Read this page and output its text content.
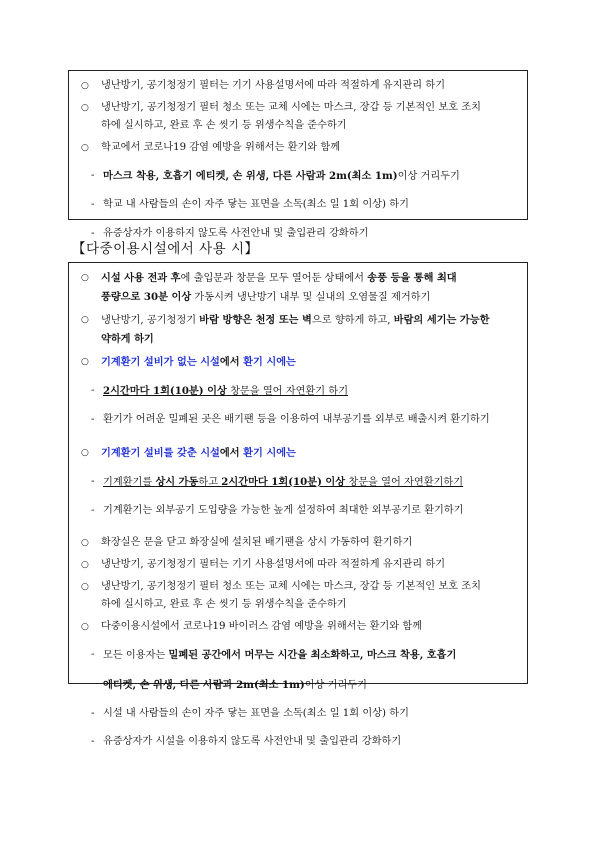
○ 냉난방기, 공기청정기 필터는 기기 사용설명서에 따라 적절하게 유지관리 하기

○ 냉난방기, 공기청정기 필터 청소 또는 교체 시에는 마스크, 장갑 등 기본적인 보호 조치

하에 실시하고, 완료 후 손 씻기 등 위생수칙을 준수하기

○ 학교에서 코로나19 감염 예방을 위해서는 환기와 함께

- 마스크 착용, 호흡기 에티켓, 손 위생, 다른 사람과 2m(최소 1m)이상 거리두기

- 학교 내 사람들의 손이 자주 닿는 표면을 소독(최소 일 1회 이상) 하기

- 유증상자가 이용하지 않도록 사전안내 및 출입관리 강화하기

【다중이용시설에서 사용 시】

○ 시설 사용 전과 후에 출입문과 창문을 모두 열어둔 상태에서 송풍 등을 통해 최대

풍량으로 30분 이상 가동시켜 냉난방기 내부 및 실내의 오염물질 제거하기

○ 냉난방기, 공기청정기 바람 방향은 천정 또는 벽으로 향하게 하고, 바람의 세기는 가능한

약하게 하기

○ 기계환기 설비가 없는 시설에서 환기 시에는

- 2시간마다 1회(10분) 이상 창문을 열어 자연환기 하기

- 환기가 어려운 밀폐된 곳은 배기팬 등을 이용하여 내부공기를 외부로 배출시켜 환기하기

○ 기계환기 설비를 갖춘 시설에서 환기 시에는

- 기계환기를 상시 가동하고 2시간마다 1회(10분) 이상 창문을 열어 자연환기하기

- 기계환기는 외부공기 도입량을 가능한 높게 설정하여 최대한 외부공기로 환기하기

○ 화장실은 문을 닫고 화장실에 설치된 배기팬을 상시 가동하여 환기하기

○ 냉난방기, 공기청정기 필터는 기기 사용설명서에 따라 적절하게 유지관리 하기

○ 냉난방기, 공기청정기 필터 청소 또는 교체 시에는 마스크, 장갑 등 기본적인 보호 조치

하에 실시하고, 완료 후 손 씻기 등 위생수칙을 준수하기

○ 다중이용시설에서 코로나19 바이러스 감염 예방을 위해서는 환기와 함께

- 모든 이용자는 밀폐된 공간에서 머무는 시간을 최소화하고, 마스크 착용, 호흡기

에티켓, 손 위생, 다른 사람과 2m(최소 1m)이상 거리두기

- 시설 내 사람들의 손이 자주 닿는 표면을 소독(최소 일 1회 이상) 하기

- 유증상자가 시설을 이용하지 않도록 사전안내 및 출입관리 강화하기
